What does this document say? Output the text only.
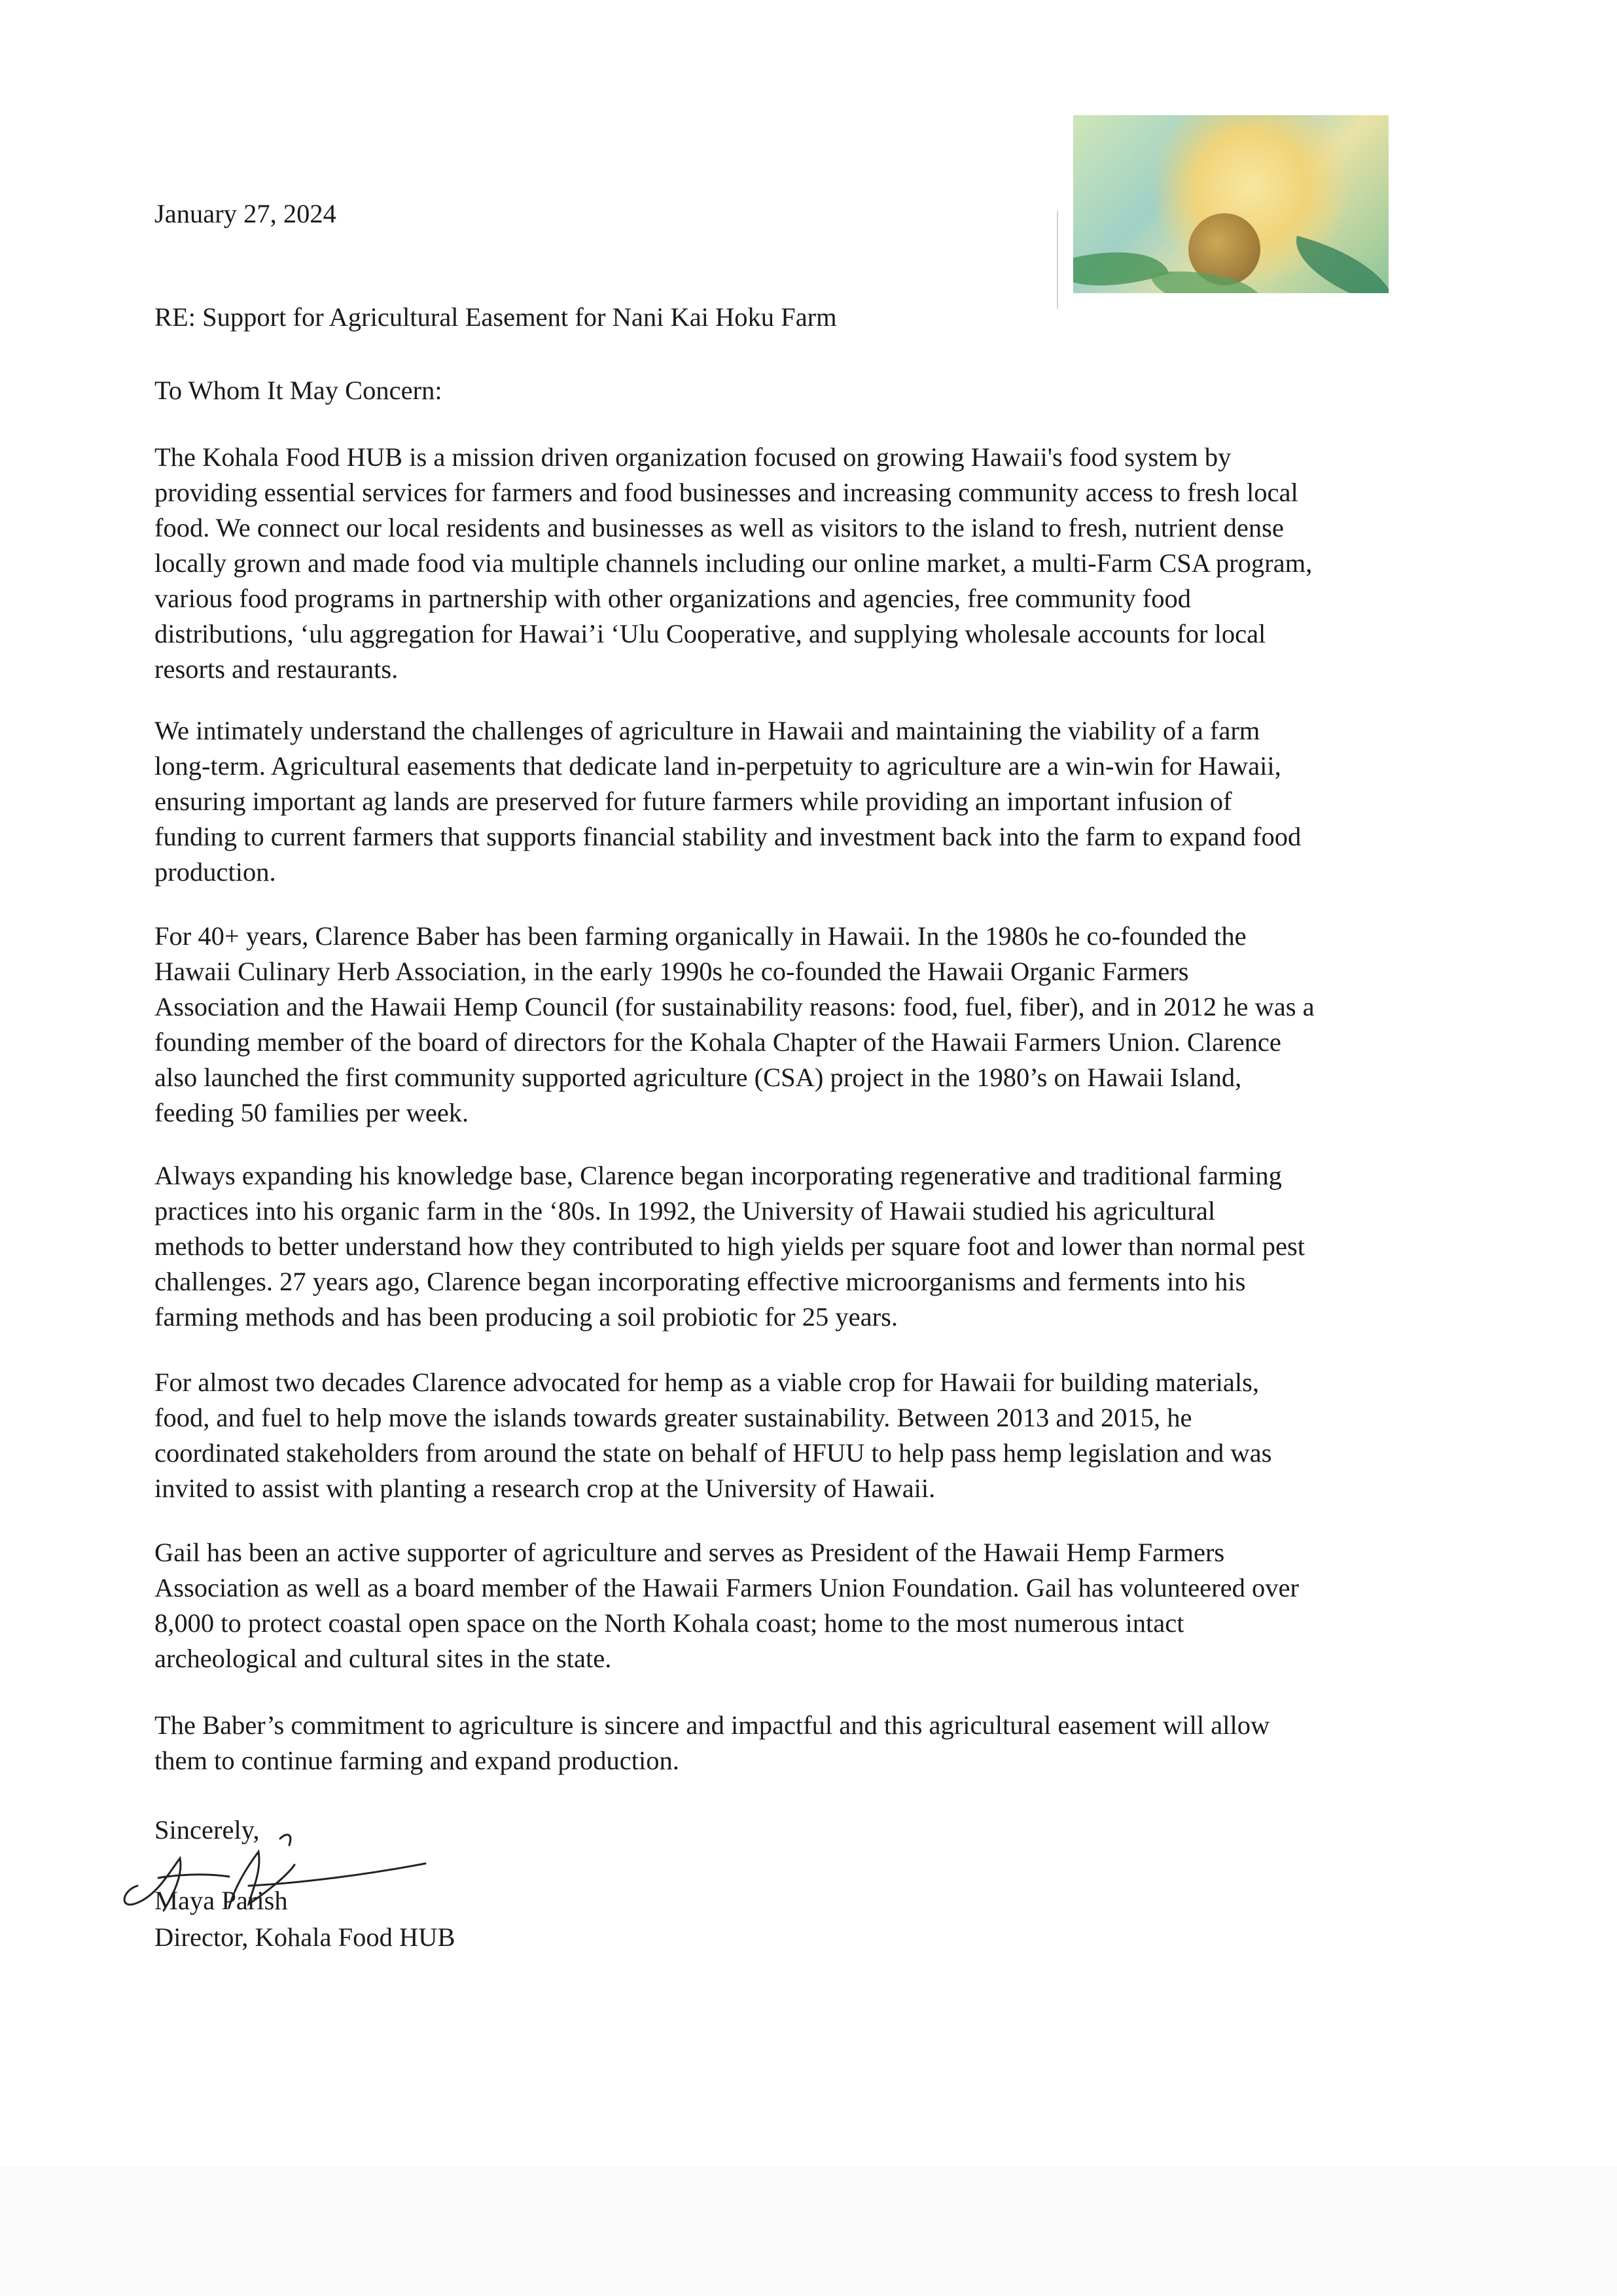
January 27, 2024
RE: Support for Agricultural Easement for Nani Kai Hoku Farm
To Whom It May Concern:
The Kohala Food HUB is a mission driven organization focused on growing Hawaii's food system by
providing essential services for farmers and food businesses and increasing community access to fresh local
food. We connect our local residents and businesses as well as visitors to the island to fresh, nutrient dense
locally grown and made food via multiple channels including our online market, a multi-Farm CSA program,
various food programs in partnership with other organizations and agencies, free community food
distributions, ‘ulu aggregation for Hawai’i ‘Ulu Cooperative, and supplying wholesale accounts for local
resorts and restaurants.
We intimately understand the challenges of agriculture in Hawaii and maintaining the viability of a farm
long-term. Agricultural easements that dedicate land in-perpetuity to agriculture are a win-win for Hawaii,
ensuring important ag lands are preserved for future farmers while providing an important infusion of
funding to current farmers that supports financial stability and investment back into the farm to expand food
production.
For 40+ years, Clarence Baber has been farming organically in Hawaii. In the 1980s he co-founded the
Hawaii Culinary Herb Association, in the early 1990s he co-founded the Hawaii Organic Farmers
Association and the Hawaii Hemp Council (for sustainability reasons: food, fuel, fiber), and in 2012 he was a
founding member of the board of directors for the Kohala Chapter of the Hawaii Farmers Union. Clarence
also launched the first community supported agriculture (CSA) project in the 1980’s on Hawaii Island,
feeding 50 families per week.
Always expanding his knowledge base, Clarence began incorporating regenerative and traditional farming
practices into his organic farm in the ‘80s. In 1992, the University of Hawaii studied his agricultural
methods to better understand how they contributed to high yields per square foot and lower than normal pest
challenges. 27 years ago, Clarence began incorporating effective microorganisms and ferments into his
farming methods and has been producing a soil probiotic for 25 years.
For almost two decades Clarence advocated for hemp as a viable crop for Hawaii for building materials,
food, and fuel to help move the islands towards greater sustainability. Between 2013 and 2015, he
coordinated stakeholders from around the state on behalf of HFUU to help pass hemp legislation and was
invited to assist with planting a research crop at the University of Hawaii.
Gail has been an active supporter of agriculture and serves as President of the Hawaii Hemp Farmers
Association as well as a board member of the Hawaii Farmers Union Foundation. Gail has volunteered over
8,000 to protect coastal open space on the North Kohala coast; home to the most numerous intact
archeological and cultural sites in the state.
The Baber’s commitment to agriculture is sincere and impactful and this agricultural easement will allow
them to continue farming and expand production.
Sincerely,
Maya Parish
Director, Kohala Food HUB
